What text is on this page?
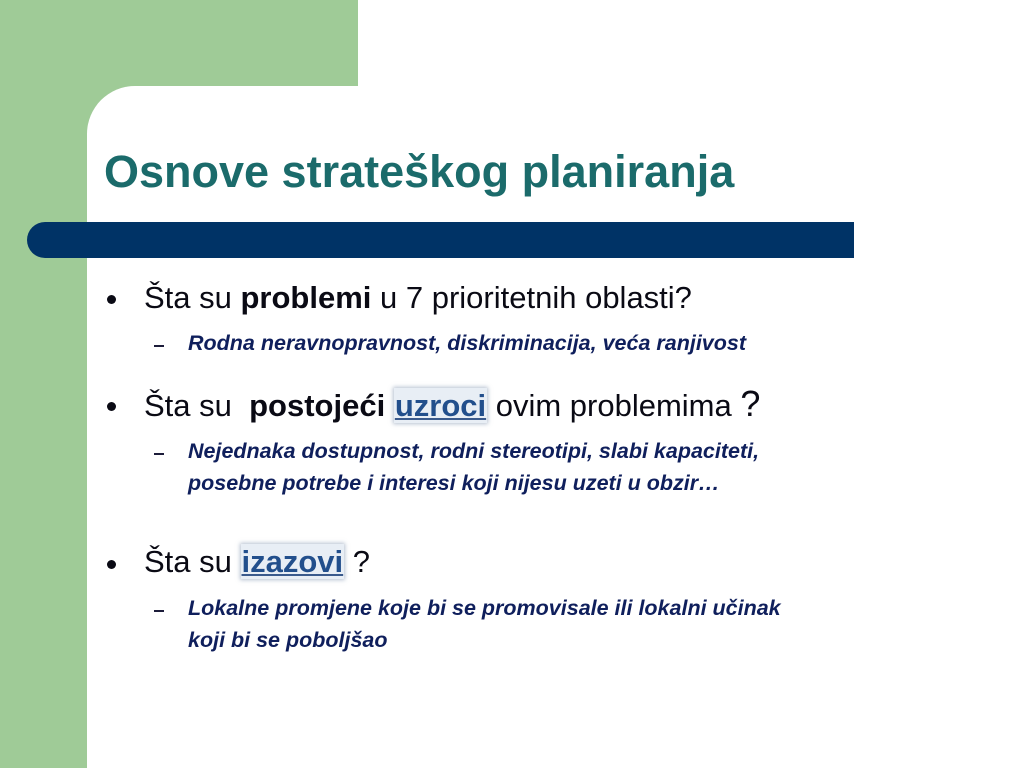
Osnove strateškog planiranja
Šta su problemi u 7 prioritetnih oblasti?
Rodna neravnopravnost, diskriminacija, veća ranjivost
Šta su  postojeći uzroci ovim problemima ?
Nejednaka dostupnost, rodni stereotipi, slabi kapaciteti,
posebne potrebe i interesi koji nijesu uzeti u obzir…
Šta su izazovi ?
Lokalne promjene koje bi se promovisale ili lokalni učinak
koji bi se poboljšao
